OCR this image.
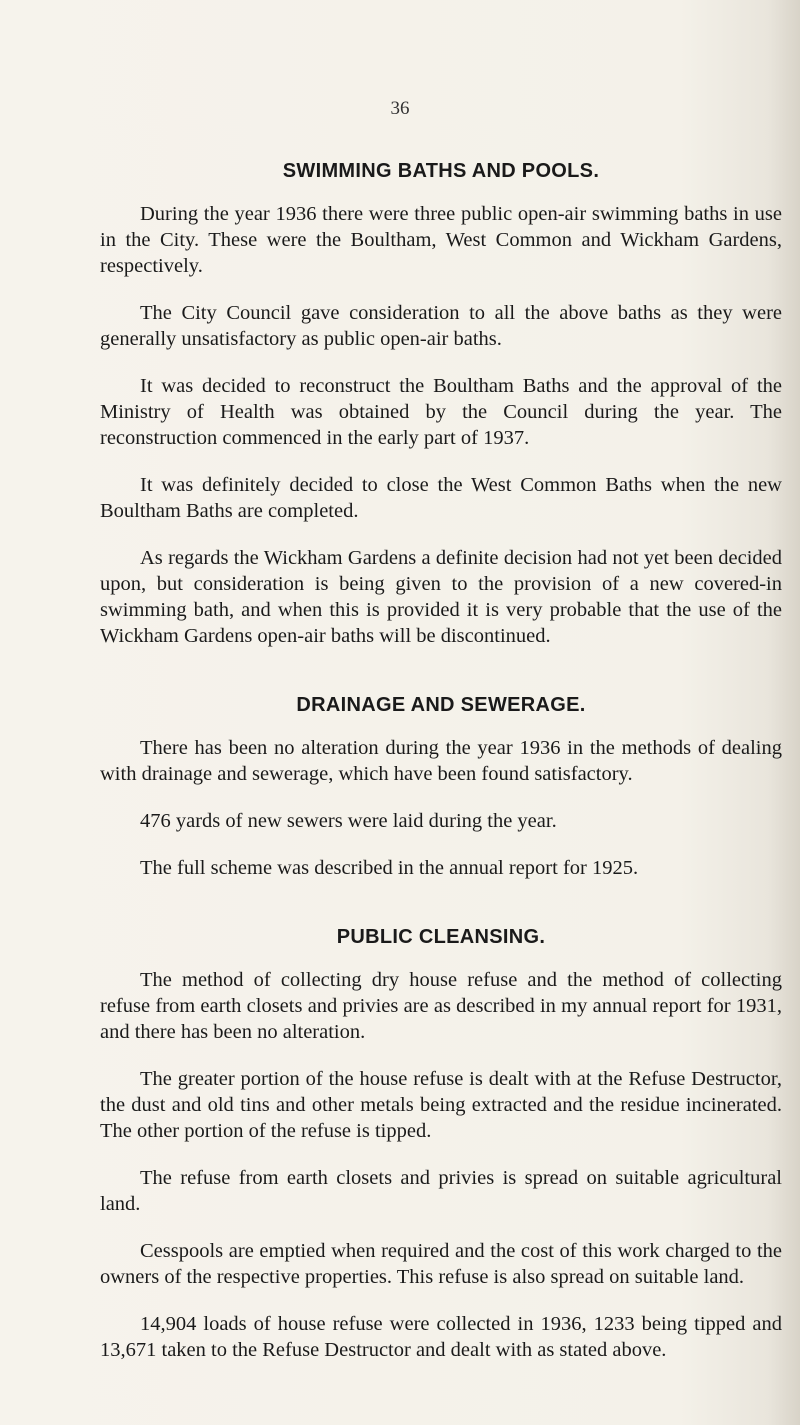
36
SWIMMING BATHS AND POOLS.

During the year 1936 there were three public open-air swimming baths in use in the City. These were the Boultham, West Common and Wickham Gardens, respectively.

The City Council gave consideration to all the above baths as they were generally unsatisfactory as public open-air baths.

It was decided to reconstruct the Boultham Baths and the approval of the Ministry of Health was obtained by the Council during the year. The reconstruction commenced in the early part of 1937.

It was definitely decided to close the West Common Baths when the new Boultham Baths are completed.

As regards the Wickham Gardens a definite decision had not yet been decided upon, but consideration is being given to the provision of a new covered-in swimming bath, and when this is provided it is very probable that the use of the Wickham Gardens open-air baths will be discontinued.

DRAINAGE AND SEWERAGE.

There has been no alteration during the year 1936 in the methods of dealing with drainage and sewerage, which have been found satisfactory.

476 yards of new sewers were laid during the year.

The full scheme was described in the annual report for 1925.

PUBLIC CLEANSING.

The method of collecting dry house refuse and the method of collecting refuse from earth closets and privies are as described in my annual report for 1931, and there has been no alteration.

The greater portion of the house refuse is dealt with at the Refuse Destructor, the dust and old tins and other metals being extracted and the residue incinerated. The other portion of the refuse is tipped.

The refuse from earth closets and privies is spread on suitable agricultural land.

Cesspools are emptied when required and the cost of this work charged to the owners of the respective properties. This refuse is also spread on suitable land.

14,904 loads of house refuse were collected in 1936, 1233 being tipped and 13,671 taken to the Refuse Destructor and dealt with as stated above.
